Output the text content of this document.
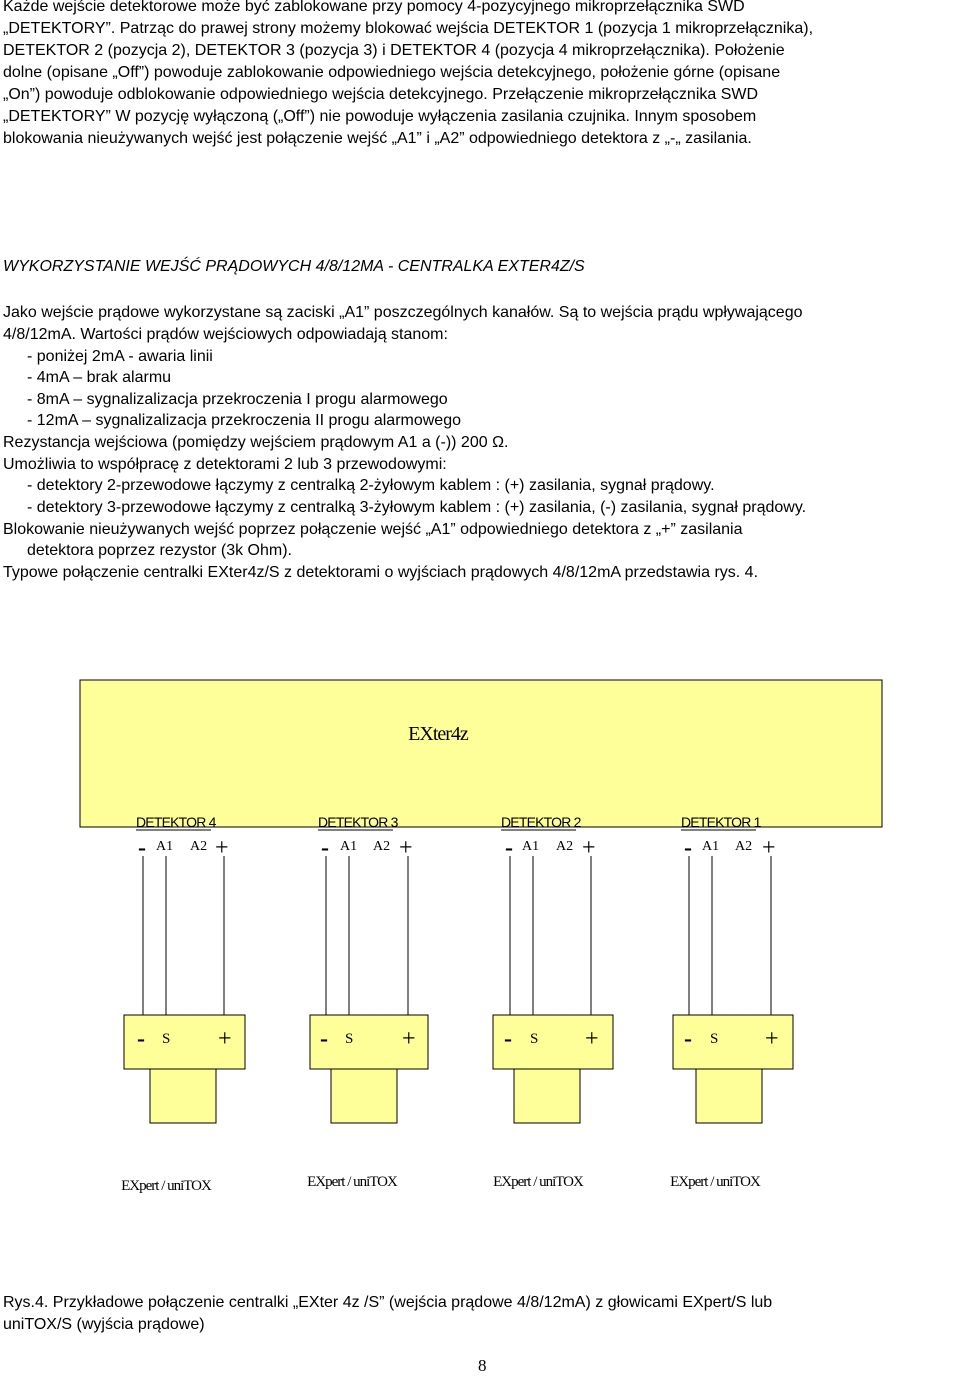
Każde wejście detektorowe może być zablokowane przy pomocy 4-pozycyjnego mikroprzełącznika SWD
„DETEKTORY”. Patrząc do prawej strony możemy blokować wejścia DETEKTOR 1 (pozycja 1 mikroprzełącznika),
DETEKTOR 2 (pozycja 2), DETEKTOR 3 (pozycja 3) i DETEKTOR 4 (pozycja 4 mikroprzełącznika). Położenie
dolne (opisane „Off”) powoduje zablokowanie odpowiedniego wejścia detekcyjnego, położenie górne (opisane
„On”) powoduje odblokowanie odpowiedniego wejścia detekcyjnego. Przełączenie mikroprzełącznika SWD
„DETEKTORY” W pozycję wyłączoną („Off”) nie powoduje wyłączenia zasilania czujnika. Innym sposobem
blokowania nieużywanych wejść jest połączenie wejść „A1” i „A2” odpowiedniego detektora z „-„ zasilania.
WYKORZYSTANIE WEJŚĆ PRĄDOWYCH 4/8/12MA - CENTRALKA EXTER4Z/S
Jako wejście prądowe wykorzystane są zaciski „A1” poszczególnych kanałów. Są to wejścia prądu wpływającego
4/8/12mA. Wartości prądów wejściowych odpowiadają stanom:
- poniżej 2mA - awaria linii
- 4mA – brak alarmu
- 8mA – sygnalizalizacja przekroczenia I progu alarmowego
- 12mA – sygnalizalizacja przekroczenia II progu alarmowego
Rezystancja wejściowa (pomiędzy wejściem prądowym A1 a (-)) 200 Ω.
Umożliwia to współpracę z detektorami 2 lub 3 przewodowymi:
- detektory 2-przewodowe łączymy z centralką 2-żyłowym kablem : (+) zasilania, sygnał prądowy.
- detektory 3-przewodowe łączymy z centralką 3-żyłowym kablem : (+) zasilania, (-) zasilania, sygnał prądowy.
Blokowanie nieużywanych wejść poprzez połączenie wejść „A1” odpowiedniego detektora z „+” zasilania
detektora poprzez rezystor (3k Ohm).
Typowe połączenie centralki EXter4z/S z detektorami o wyjściach prądowych 4/8/12mA przedstawia rys. 4.
EXter4z
DETEKTOR 4
- A1 A2 +
DETEKTOR 3
- A1 A2 +
DETEKTOR 2
- A1 A2 +
DETEKTOR 1
- A1 A2 +
- S +
EXpert / uniTOX
- S +
EXpert / uniTOX
- S +
EXpert / uniTOX
- S +
EXpert / uniTOX
Rys.4. Przykładowe połączenie centralki „EXter 4z /S” (wejścia prądowe 4/8/12mA) z głowicami EXpert/S lub
uniTOX/S (wyjścia prądowe)
8
